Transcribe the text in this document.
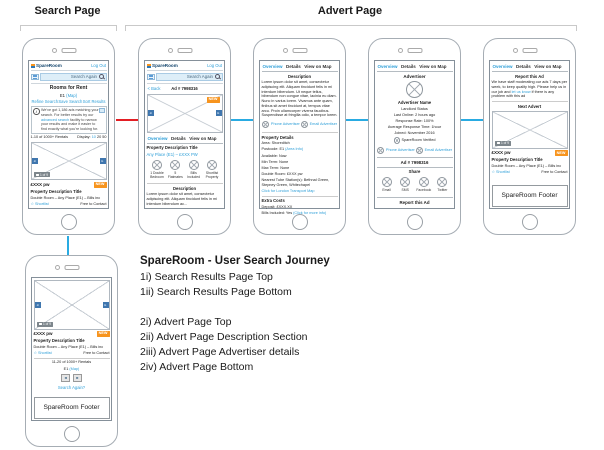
Search Page	Advert Page
SpareRoom	Log Out
Search Again
Rooms for Rent
E1 (Map)
Refine Search Save Search Sort Results
i	We've got 1,186 ads matching your search. For better results try our advanced search facility to narrow your results and make it easier to find exactly what you're looking for.
1-10 of 1000+ Rentals Display: 10 20 50
◄	►
1 of 9
£XXX pw	NEW
Property Description Title
Double Room – Any Place (E1) – Bills inc
☆ Shortlist	Free to Contact
SpareRoom	Log Out
Search Again
< Back	Ad # 7998316
NEW
◄	►
Overview Details View on Map
Property Description Title
Any Place (E1) – £XXX PW
1 Double Bedroom
5 Flatmates
Bills Included
Shortlist Property
Description
Lorem ipsum dolor sit amet, consectetur adipiscing elit. Aliquam tincidunt felis in mi interdum bibendum ac...
Overview Details View on Map
Description
Lorem ipsum dolor sit amet, consectetur adipiscing elit. Aliquam tincidunt felis in mi interdum bibendum. Ut neque tellus, bibendum non congue vitae, lacinia eu diam. Nunc in varius lorem. Vivamus ante quam, finibus sit amet tincidunt at, tempus vitae arcu. Proin ullamcorper viverra faucibus. Suspendisse at fringilla odio, a tempor lorem.
Phone Advertiser	Email Advertiser
Property Details
Area: Shoreditch
Postcode: E1 (Area Info)
Available: Now
Min Term: None
Max Term: None
Double Room: £XXX pw
Nearest Tube Station(s): Bethnal Green, Stepney Green, Whitechapel
Click for London Transport Map
Extra Costs
Deposit: £XXX.XX
Bills Included: Yes (Click for more info)
Overview Details View on Map
Advertiser
Advertiser Name
Landlord Status
Last Online: 2 hours ago
Response Rate: 100%
Average Response Time: 1hour
Joined: November 2016
SpareRoom Verified
Phone Advertiser	Email Advertiser
Ad # 7998316
Share
Email	SMS Facebook Twitter
Report this Ad
Overview Details View on Map
Report this Ad
We have staff moderating our ads 7 days per week, to keep quality high. Please help us in our job and let us know if there is any problem with this ad
Next Advert
1 of 9
£XXX pw	NEW
Property Description Title
Double Room – Any Place (E1) – Bills inc
☆ Shortlist	Free to Contact
SpareRoom Footer
◄	►
1 of 9
£XXX pw	NEW
Property Description Title
Double Room – Any Place (E1) – Bills inc
☆ Shortlist	Free to Contact
11-20 of 1000+ Rentals
E1 (Map)
◄	►
Search Again?
SpareRoom Footer
SpareRoom - User Search Journey
1i) Search Results Page Top
1ii) Search Results Page Bottom
2i) Advert Page Top
2ii) Advert Page Description Section
2iii) Advert Page Advertiser details
2iv) Advert Page Bottom
